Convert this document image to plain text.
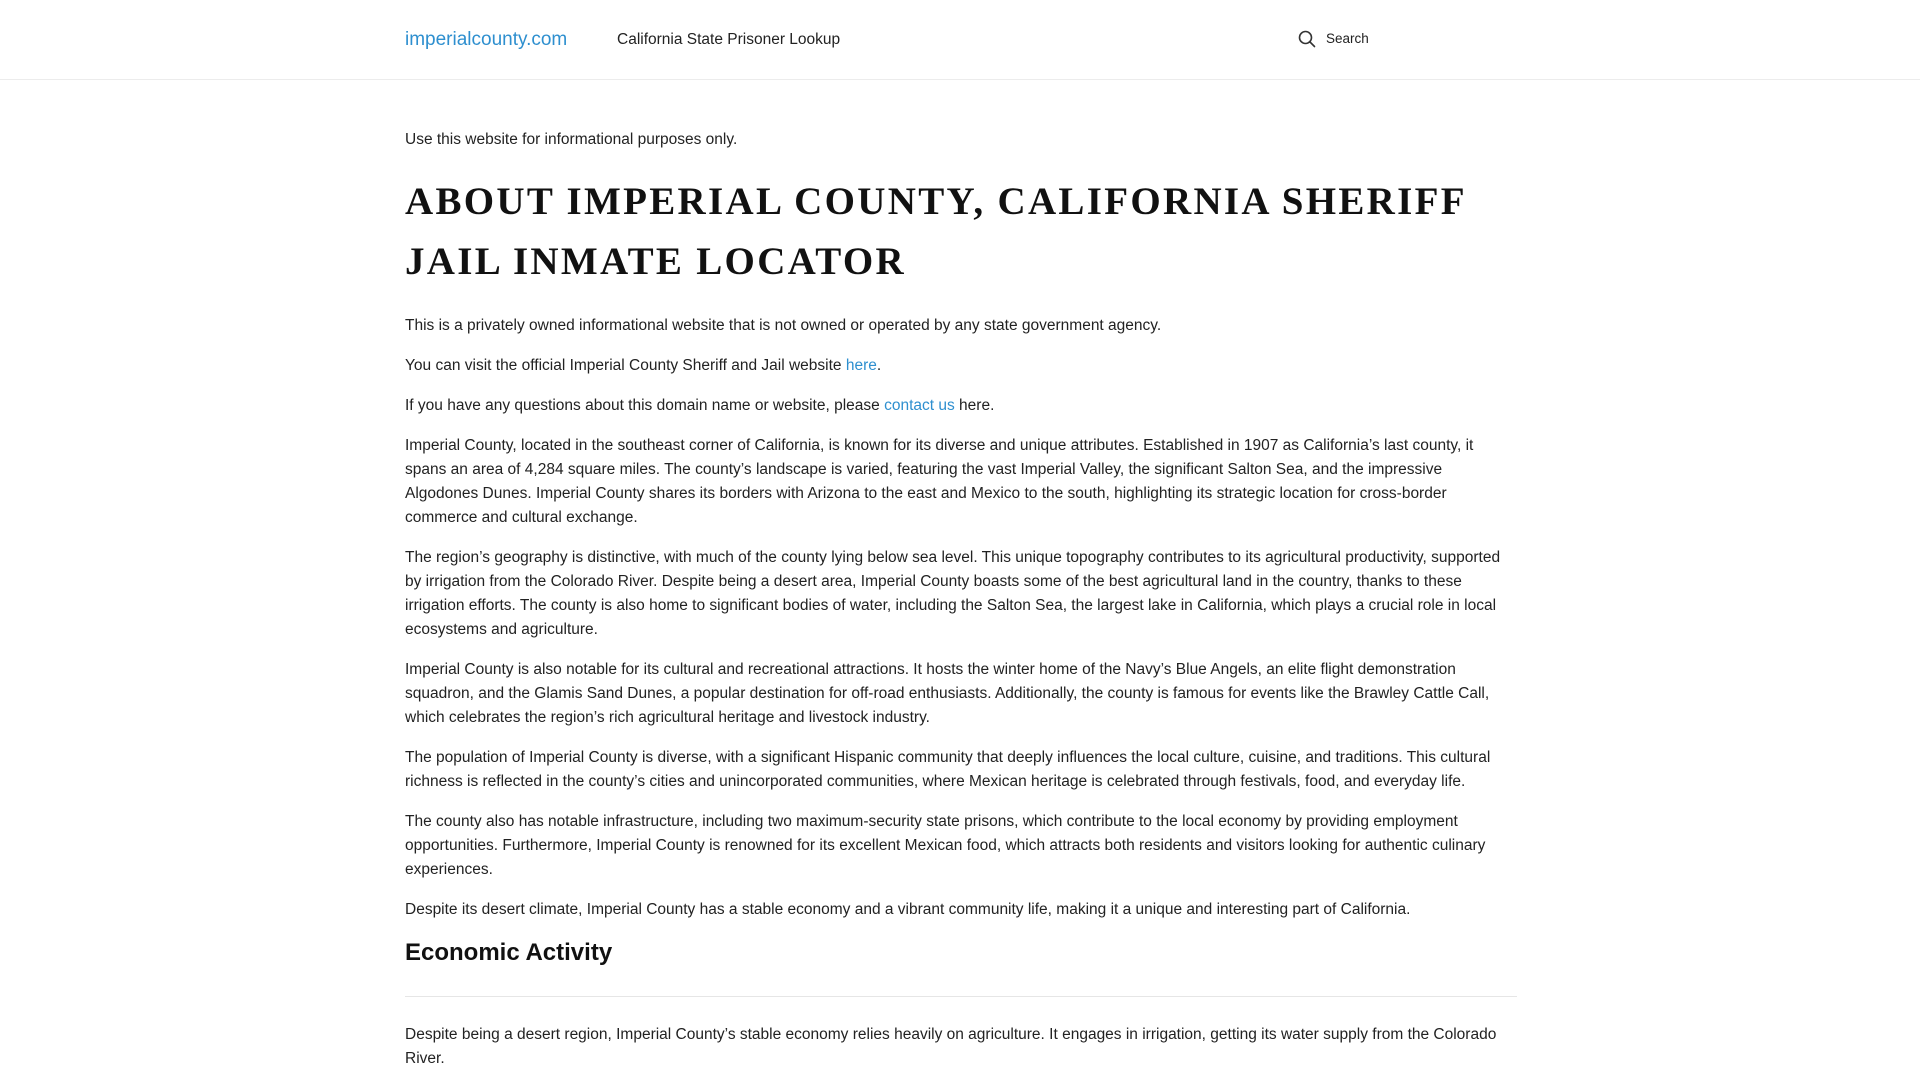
imperialcounty.com	California State Prisoner Lookup	Search

Use this website for informational purposes only.

ABOUT IMPERIAL COUNTY, CALIFORNIA SHERIFF JAIL INMATE LOCATOR

This is a privately owned informational website that is not owned or operated by any state government agency.

You can visit the official Imperial County Sheriff and Jail website here.

If you have any questions about this domain name or website, please contact us here.

Imperial County, located in the southeast corner of California, is known for its diverse and unique attributes. Established in 1907 as California’s last county, it spans an area of 4,284 square miles. The county’s landscape is varied, featuring the vast Imperial Valley, the significant Salton Sea, and the impressive Algodones Dunes. Imperial County shares its borders with Arizona to the east and Mexico to the south, highlighting its strategic location for cross-border commerce and cultural exchange.

The region’s geography is distinctive, with much of the county lying below sea level. This unique topography contributes to its agricultural productivity, supported by irrigation from the Colorado River. Despite being a desert area, Imperial County boasts some of the best agricultural land in the country, thanks to these irrigation efforts. The county is also home to significant bodies of water, including the Salton Sea, the largest lake in California, which plays a crucial role in local ecosystems and agriculture.

Imperial County is also notable for its cultural and recreational attractions. It hosts the winter home of the Navy’s Blue Angels, an elite flight demonstration squadron, and the Glamis Sand Dunes, a popular destination for off-road enthusiasts. Additionally, the county is famous for events like the Brawley Cattle Call, which celebrates the region’s rich agricultural heritage and livestock industry.

The population of Imperial County is diverse, with a significant Hispanic community that deeply influences the local culture, cuisine, and traditions. This cultural richness is reflected in the county’s cities and unincorporated communities, where Mexican heritage is celebrated through festivals, food, and everyday life.

The county also has notable infrastructure, including two maximum-security state prisons, which contribute to the local economy by providing employment opportunities. Furthermore, Imperial County is renowned for its excellent Mexican food, which attracts both residents and visitors looking for authentic culinary experiences.

Despite its desert climate, Imperial County has a stable economy and a vibrant community life, making it a unique and interesting part of California.

Economic Activity

Despite being a desert region, Imperial County’s stable economy relies heavily on agriculture. It engages in irrigation, getting its water supply from the Colorado River.
